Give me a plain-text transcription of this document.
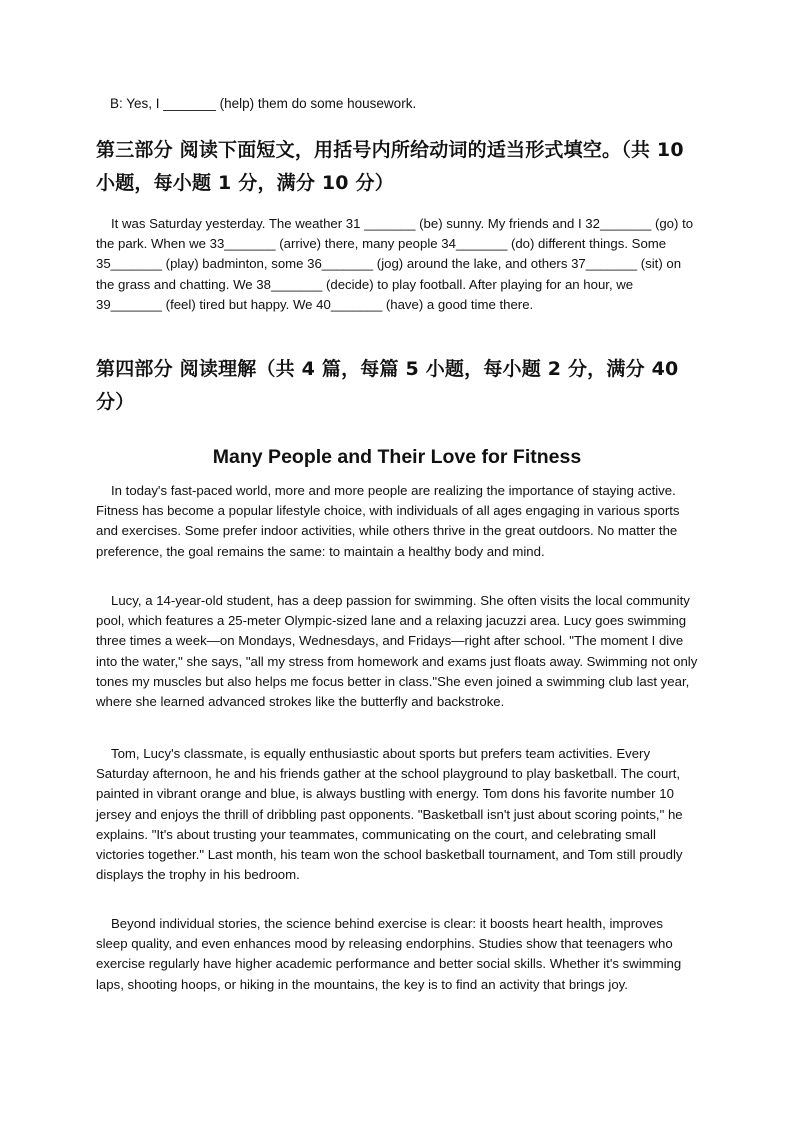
B: Yes, I _______ (help) them do some housework.
第三部分 阅读下面短文，用括号内所给动词的适当形式填空。（共 10 小题，每小题 1 分，满分 10 分）

It was Saturday yesterday. The weather 31 _______ (be) sunny. My friends and I 32_______ (go) to the park. When we 33_______ (arrive) there, many people 34_______ (do) different things. Some 35_______ (play) badminton, some 36_______ (jog) around the lake, and others 37_______ (sit) on the grass and chatting. We 38_______ (decide) to play football. After playing for an hour, we 39_______ (feel) tired but happy. We 40_______ (have) a good time there.

第四部分 阅读理解（共 4 篇，每篇 5 小题，每小题 2 分，满分 40 分）
Many People and Their Love for Fitness

In today's fast-paced world, more and more people are realizing the importance of staying active. Fitness has become a popular lifestyle choice, with individuals of all ages engaging in various sports and exercises. Some prefer indoor activities, while others thrive in the great outdoors. No matter the preference, the goal remains the same: to maintain a healthy body and mind.

Lucy, a 14-year-old student, has a deep passion for swimming. She often visits the local community pool, which features a 25-meter Olympic-sized lane and a relaxing jacuzzi area. Lucy goes swimming three times a week—on Mondays, Wednesdays, and Fridays—right after school. "The moment I dive into the water," she says, "all my stress from homework and exams just floats away. Swimming not only tones my muscles but also helps me focus better in class."She even joined a swimming club last year, where she learned advanced strokes like the butterfly and backstroke.

Tom, Lucy's classmate, is equally enthusiastic about sports but prefers team activities. Every Saturday afternoon, he and his friends gather at the school playground to play basketball. The court, painted in vibrant orange and blue, is always bustling with energy. Tom dons his favorite number 10 jersey and enjoys the thrill of dribbling past opponents. "Basketball isn't just about scoring points," he explains. "It's about trusting your teammates, communicating on the court, and celebrating small victories together." Last month, his team won the school basketball tournament, and Tom still proudly displays the trophy in his bedroom.

Beyond individual stories, the science behind exercise is clear: it boosts heart health, improves sleep quality, and even enhances mood by releasing endorphins. Studies show that teenagers who exercise regularly have higher academic performance and better social skills. Whether it's swimming laps, shooting hoops, or hiking in the mountains, the key is to find an activity that brings joy.
